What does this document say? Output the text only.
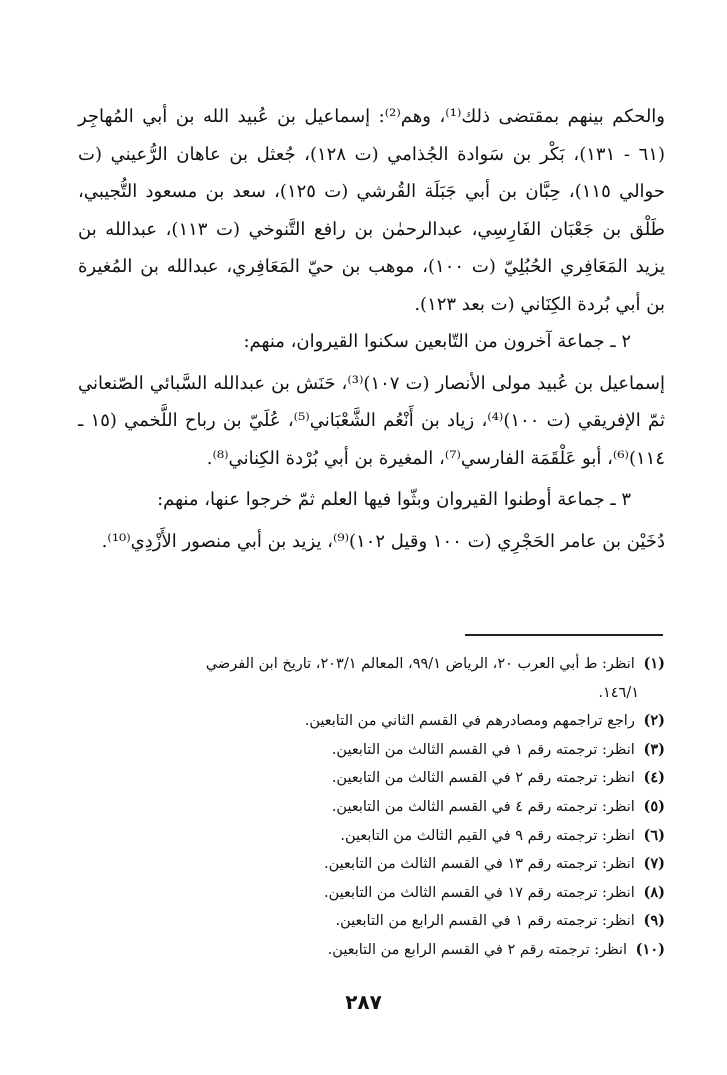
والحكم بينهم بمقتضى ذلك⁽¹⁾، وهم⁽²⁾: إسماعيل بن عُبيد الله بن أبي المُهاجِر (٦١ - ١٣١)، بَكْر بن سَوادة الجُذامي (ت ١٢٨)، جُعثل بن عاهان الرُّعيني (ت حوالي ١١٥)، حِبَّان بن أبي جَبَلَة القُرشي (ت ١٢٥)، سعد بن مسعود التُّجيبي، طَلْق بن جَعْبَان الفَارِسِي، عبدالرحمٰن بن رافع التَّنوخي (ت ١١٣)، عبدالله بن يزيد المَعَافِري الحُبُلِيّ (ت ١٠٠)، موهب بن حيّ المَعَافِري، عبدالله بن المُغيرة بن أبي بُردة الكِنَاني (ت بعد ١٢٣).

٢ ـ جماعة آخرون من التّابعين سكنوا القيروان، منهم:

إسماعيل بن عُبيد مولى الأنصار (ت ١٠٧)⁽³⁾، حَنَش بن عبدالله السَّبائي الصّنعاني ثمّ الإفريقي (ت ١٠٠)⁽⁴⁾، زياد بن أَنْعُم الشَّعْبَاني⁽⁵⁾، عُلَيّ بن رباح اللَّخمي (١٥ ـ ١١٤)⁽⁶⁾، أبو عَلْقَمَة الفارسي⁽⁷⁾، المغيرة بن أبي بُرْدة الكِناني⁽⁸⁾.

٣ ـ جماعة أوطنوا القيروان وبثّوا فيها العلم ثمّ خرجوا عنها، منهم:

دُخَيْن بن عامر الحَجْرِي (ت ١٠٠ وقيل ١٠٢)⁽⁹⁾، يزيد بن أبي منصور الأَزْدِي⁽¹⁰⁾.

(١) انظر: ط أبي العرب ٢٠، الرياض ٩٩/١، المعالم ٢٠٣/١، تاريخ ابن الفرضي
١٤٦/١.
(٢) راجع تراجمهم ومصادرهم في القسم الثاني من التابعين.
(٣) انظر: ترجمته رقم ١ في القسم الثالث من التابعين.
(٤) انظر: ترجمته رقم ٢ في القسم الثالث من التابعين.
(٥) انظر: ترجمته رقم ٤ في القسم الثالث من التابعين.
(٦) انظر: ترجمته رقم ٩ في القيم الثالث من التابعين.
(٧) انظر: ترجمته رقم ١٣ في القسم الثالث من التابعين.
(٨) انظر: ترجمته رقم ١٧ في القسم الثالث من التابعين.
(٩) انظر: ترجمته رقم ١ في القسم الرابع من التابعين.
(١٠) انظر: ترجمته رقم ٢ في القسم الرابع من التابعين.
٢٨٧
